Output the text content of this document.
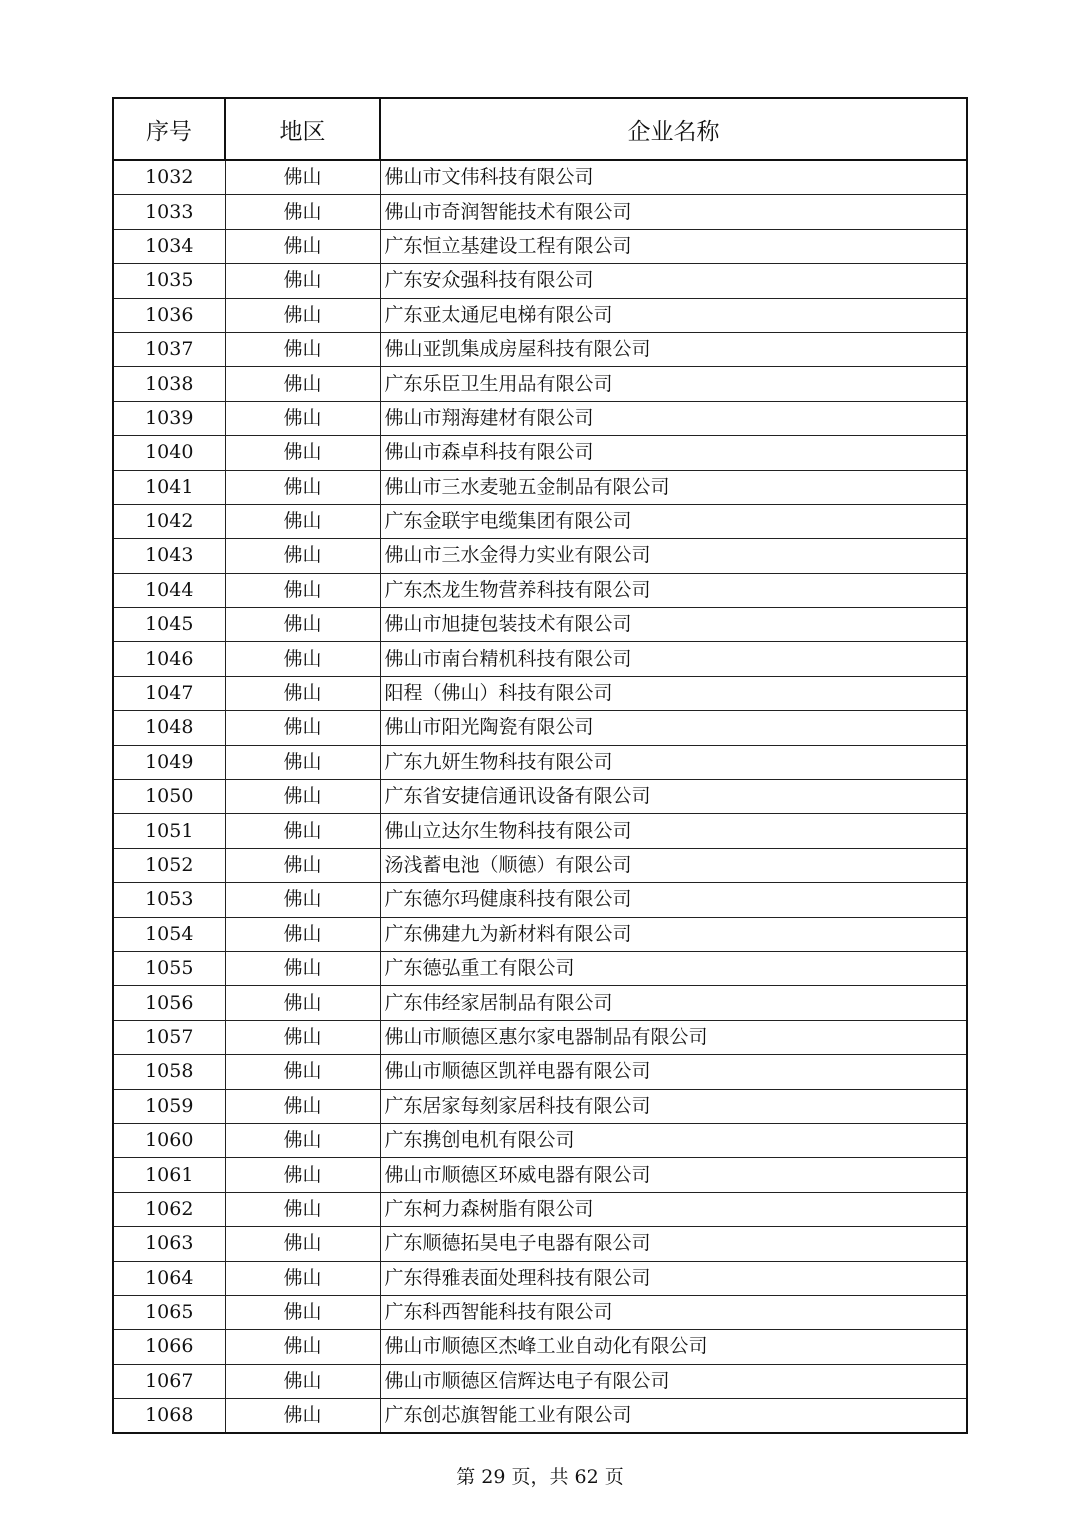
序号	地区	企业名称
1032	佛山	佛山市文伟科技有限公司
1033	佛山	佛山市奇润智能技术有限公司
1034	佛山	广东恒立基建设工程有限公司
1035	佛山	广东安众强科技有限公司
1036	佛山	广东亚太通尼电梯有限公司
1037	佛山	佛山亚凯集成房屋科技有限公司
1038	佛山	广东乐臣卫生用品有限公司
1039	佛山	佛山市翔海建材有限公司
1040	佛山	佛山市森卓科技有限公司
1041	佛山	佛山市三水麦驰五金制品有限公司
1042	佛山	广东金联宇电缆集团有限公司
1043	佛山	佛山市三水金得力实业有限公司
1044	佛山	广东杰龙生物营养科技有限公司
1045	佛山	佛山市旭捷包装技术有限公司
1046	佛山	佛山市南台精机科技有限公司
1047	佛山	阳程（佛山）科技有限公司
1048	佛山	佛山市阳光陶瓷有限公司
1049	佛山	广东九妍生物科技有限公司
1050	佛山	广东省安捷信通讯设备有限公司
1051	佛山	佛山立达尔生物科技有限公司
1052	佛山	汤浅蓄电池（顺德）有限公司
1053	佛山	广东德尔玛健康科技有限公司
1054	佛山	广东佛建九为新材料有限公司
1055	佛山	广东德弘重工有限公司
1056	佛山	广东伟经家居制品有限公司
1057	佛山	佛山市顺德区惠尔家电器制品有限公司
1058	佛山	佛山市顺德区凯祥电器有限公司
1059	佛山	广东居家每刻家居科技有限公司
1060	佛山	广东携创电机有限公司
1061	佛山	佛山市顺德区环威电器有限公司
1062	佛山	广东柯力森树脂有限公司
1063	佛山	广东顺德拓昊电子电器有限公司
1064	佛山	广东得雅表面处理科技有限公司
1065	佛山	广东科西智能科技有限公司
1066	佛山	佛山市顺德区杰峰工业自动化有限公司
1067	佛山	佛山市顺德区信辉达电子有限公司
1068	佛山	广东创芯旗智能工业有限公司
第 29 页，共 62 页
